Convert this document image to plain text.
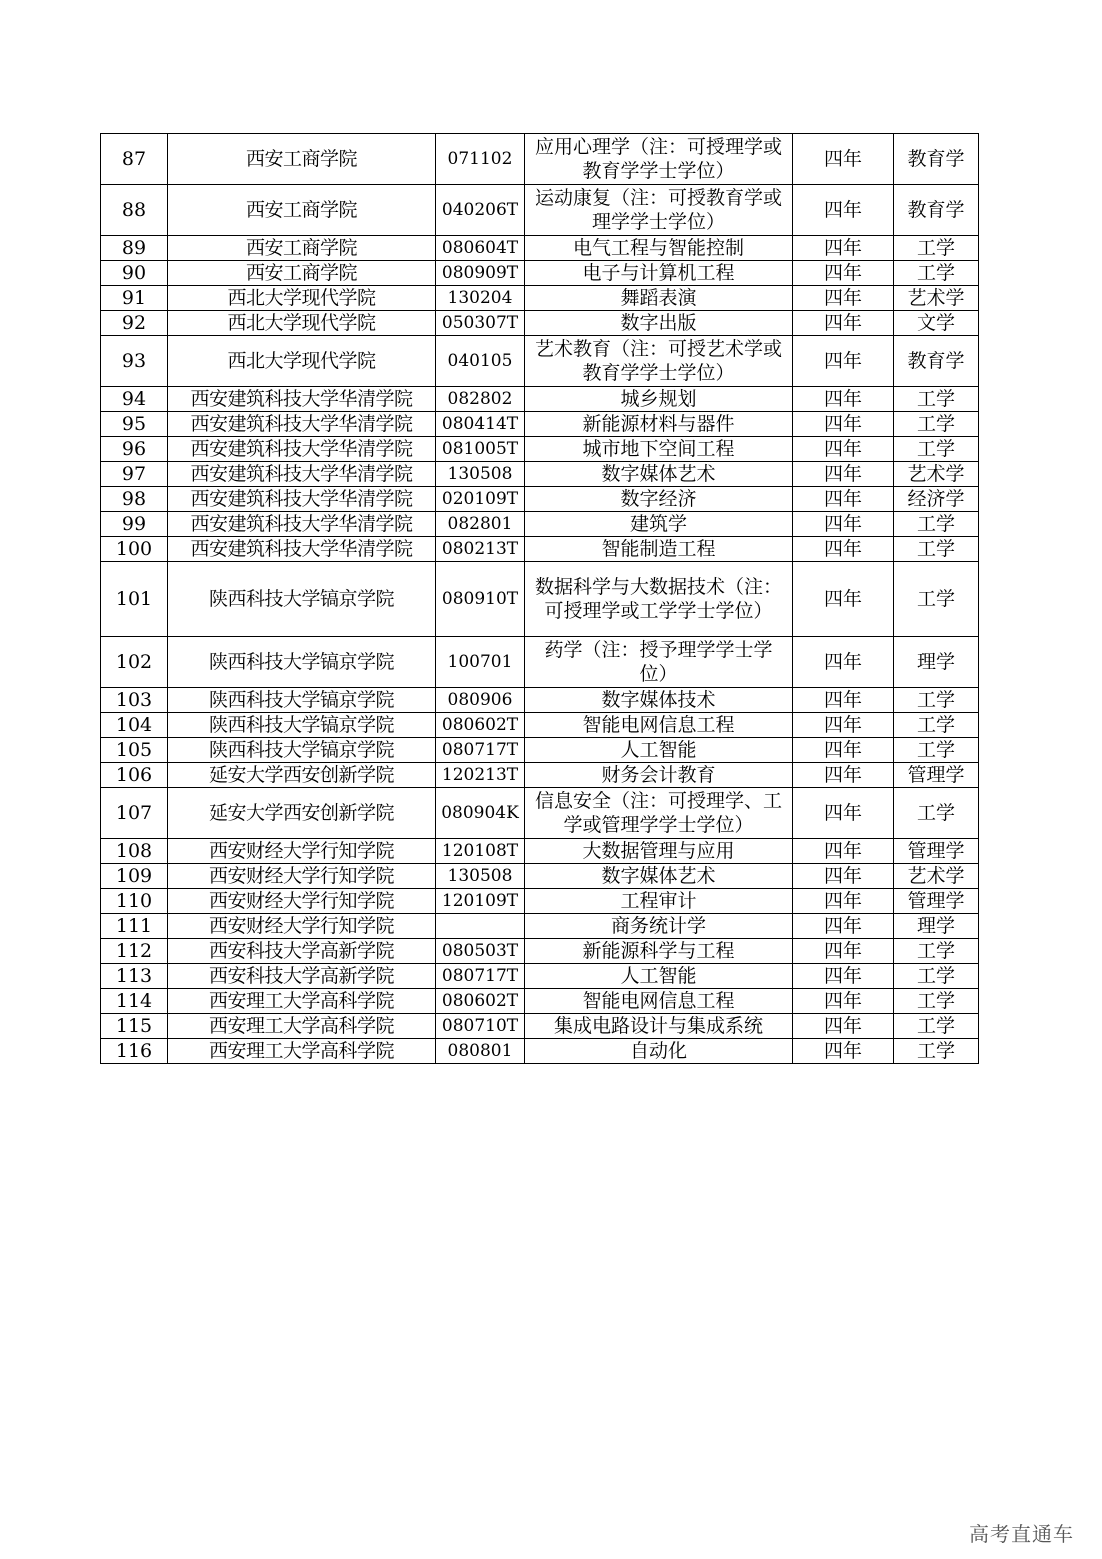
87	西安工商学院	071102	应用心理学（注：可授理学或教育学学士学位）	四年	教育学
88	西安工商学院	040206T	运动康复（注：可授教育学或理学学士学位）	四年	教育学
89	西安工商学院	080604T	电气工程与智能控制	四年	工学
90	西安工商学院	080909T	电子与计算机工程	四年	工学
91	西北大学现代学院	130204	舞蹈表演	四年	艺术学
92	西北大学现代学院	050307T	数字出版	四年	文学
93	西北大学现代学院	040105	艺术教育（注：可授艺术学或教育学学士学位）	四年	教育学
94	西安建筑科技大学华清学院	082802	城乡规划	四年	工学
95	西安建筑科技大学华清学院	080414T	新能源材料与器件	四年	工学
96	西安建筑科技大学华清学院	081005T	城市地下空间工程	四年	工学
97	西安建筑科技大学华清学院	130508	数字媒体艺术	四年	艺术学
98	西安建筑科技大学华清学院	020109T	数字经济	四年	经济学
99	西安建筑科技大学华清学院	082801	建筑学	四年	工学
100	西安建筑科技大学华清学院	080213T	智能制造工程	四年	工学
101	陕西科技大学镐京学院	080910T	数据科学与大数据技术（注：可授理学或工学学士学位）	四年	工学
102	陕西科技大学镐京学院	100701	药学（注：授予理学学士学位）	四年	理学
103	陕西科技大学镐京学院	080906	数字媒体技术	四年	工学
104	陕西科技大学镐京学院	080602T	智能电网信息工程	四年	工学
105	陕西科技大学镐京学院	080717T	人工智能	四年	工学
106	延安大学西安创新学院	120213T	财务会计教育	四年	管理学
107	延安大学西安创新学院	080904K	信息安全（注：可授理学、工学或管理学学士学位）	四年	工学
108	西安财经大学行知学院	120108T	大数据管理与应用	四年	管理学
109	西安财经大学行知学院	130508	数字媒体艺术	四年	艺术学
110	西安财经大学行知学院	120109T	工程审计	四年	管理学
111	西安财经大学行知学院		商务统计学	四年	理学
112	西安科技大学高新学院	080503T	新能源科学与工程	四年	工学
113	西安科技大学高新学院	080717T	人工智能	四年	工学
114	西安理工大学高科学院	080602T	智能电网信息工程	四年	工学
115	西安理工大学高科学院	080710T	集成电路设计与集成系统	四年	工学
116	西安理工大学高科学院	080801	自动化	四年	工学
高考直通车
